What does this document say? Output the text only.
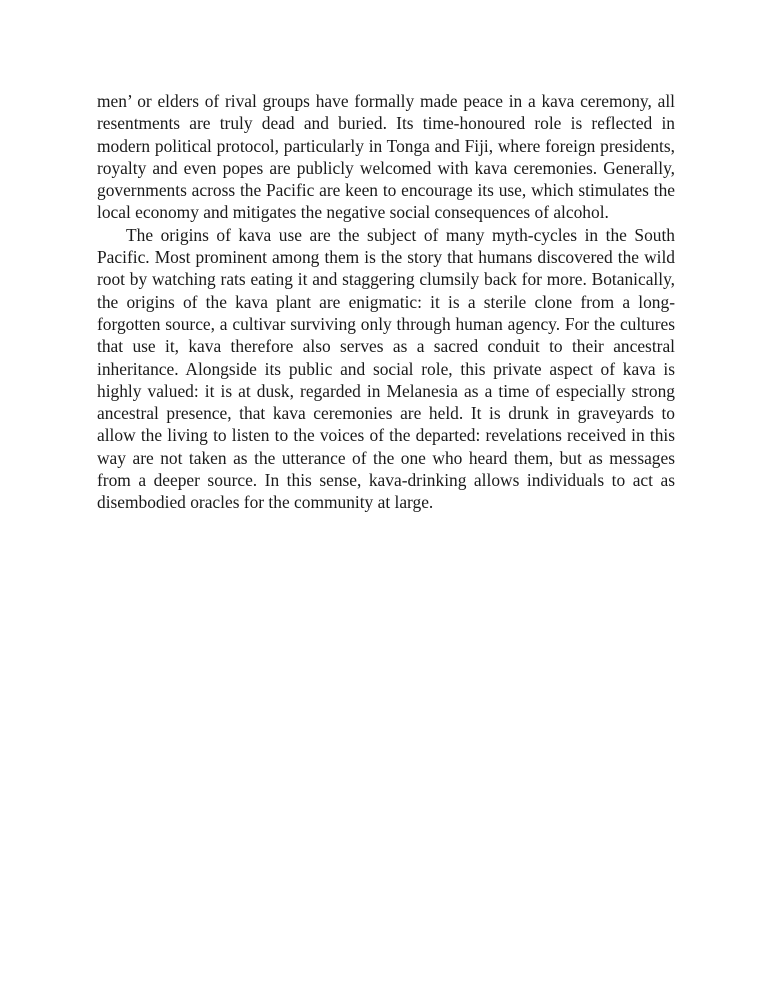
men’ or elders of rival groups have formally made peace in a kava ceremony, all resentments are truly dead and buried. Its time-honoured role is reflected in modern political protocol, particularly in Tonga and Fiji, where foreign presidents, royalty and even popes are publicly welcomed with kava ceremonies. Generally, governments across the Pacific are keen to encourage its use, which stimulates the local economy and mitigates the negative social consequences of alcohol.

The origins of kava use are the subject of many myth-cycles in the South Pacific. Most prominent among them is the story that humans discovered the wild root by watching rats eating it and staggering clumsily back for more. Botanically, the origins of the kava plant are enigmatic: it is a sterile clone from a long-forgotten source, a cultivar surviving only through human agency. For the cultures that use it, kava therefore also serves as a sacred conduit to their ancestral inheritance. Alongside its public and social role, this private aspect of kava is highly valued: it is at dusk, regarded in Melanesia as a time of especially strong ancestral presence, that kava ceremonies are held. It is drunk in graveyards to allow the living to listen to the voices of the departed: revelations received in this way are not taken as the utterance of the one who heard them, but as messages from a deeper source. In this sense, kava-drinking allows individuals to act as disembodied oracles for the community at large.
